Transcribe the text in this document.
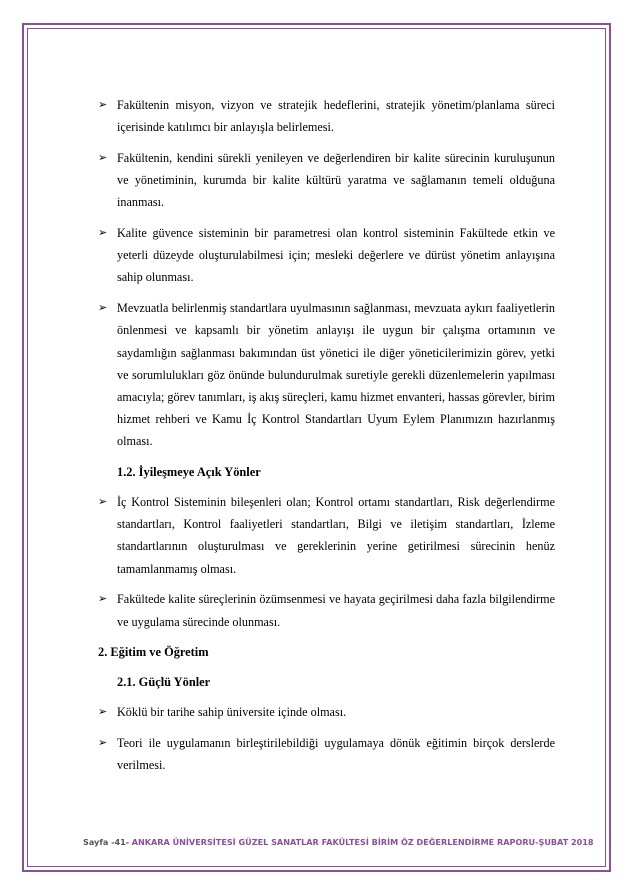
➢ Fakültenin misyon, vizyon ve stratejik hedeflerini, stratejik yönetim/planlama süreci içerisinde katılımcı bir anlayışla belirlemesi.
➢ Fakültenin, kendini sürekli yenileyen ve değerlendiren bir kalite sürecinin kuruluşunun ve yönetiminin, kurumda bir kalite kültürü yaratma ve sağlamanın temeli olduğuna inanması.
➢ Kalite güvence sisteminin bir parametresi olan kontrol sisteminin Fakültede etkin ve yeterli düzeyde oluşturulabilmesi için; mesleki değerlere ve dürüst yönetim anlayışına sahip olunması.
➢ Mevzuatla belirlenmiş standartlara uyulmasının sağlanması, mevzuata aykırı faaliyetlerin önlenmesi ve kapsamlı bir yönetim anlayışı ile uygun bir çalışma ortamının ve saydamlığın sağlanması bakımından üst yönetici ile diğer yöneticilerimizin görev, yetki ve sorumlulukları göz önünde bulundurulmak suretiyle gerekli düzenlemelerin yapılması amacıyla; görev tanımları, iş akış süreçleri, kamu hizmet envanteri, hassas görevler, birim hizmet rehberi ve Kamu İç Kontrol Standartları Uyum Eylem Planımızın hazırlanmış olması.
1.2. İyileşmeye Açık Yönler
➢ İç Kontrol Sisteminin bileşenleri olan; Kontrol ortamı standartları, Risk değerlendirme standartları, Kontrol faaliyetleri standartları, Bilgi ve iletişim standartları, İzleme standartlarının oluşturulması ve gereklerinin yerine getirilmesi sürecinin henüz tamamlanmamış olması.
➢ Fakültede kalite süreçlerinin özümsenmesi ve hayata geçirilmesi daha fazla bilgilendirme ve uygulama sürecinde olunması.
2. Eğitim ve Öğretim
2.1. Güçlü Yönler
➢ Köklü bir tarihe sahip üniversite içinde olması.
➢ Teori ile uygulamanın birleştirilebildiği uygulamaya dönük eğitimin birçok derslerde verilmesi.
Sayfa -41- ANKARA ÜNİVERSİTESİ GÜZEL SANATLAR FAKÜLTESİ BİRİM ÖZ DEĞERLENDİRME RAPORU-ŞUBAT 2018
